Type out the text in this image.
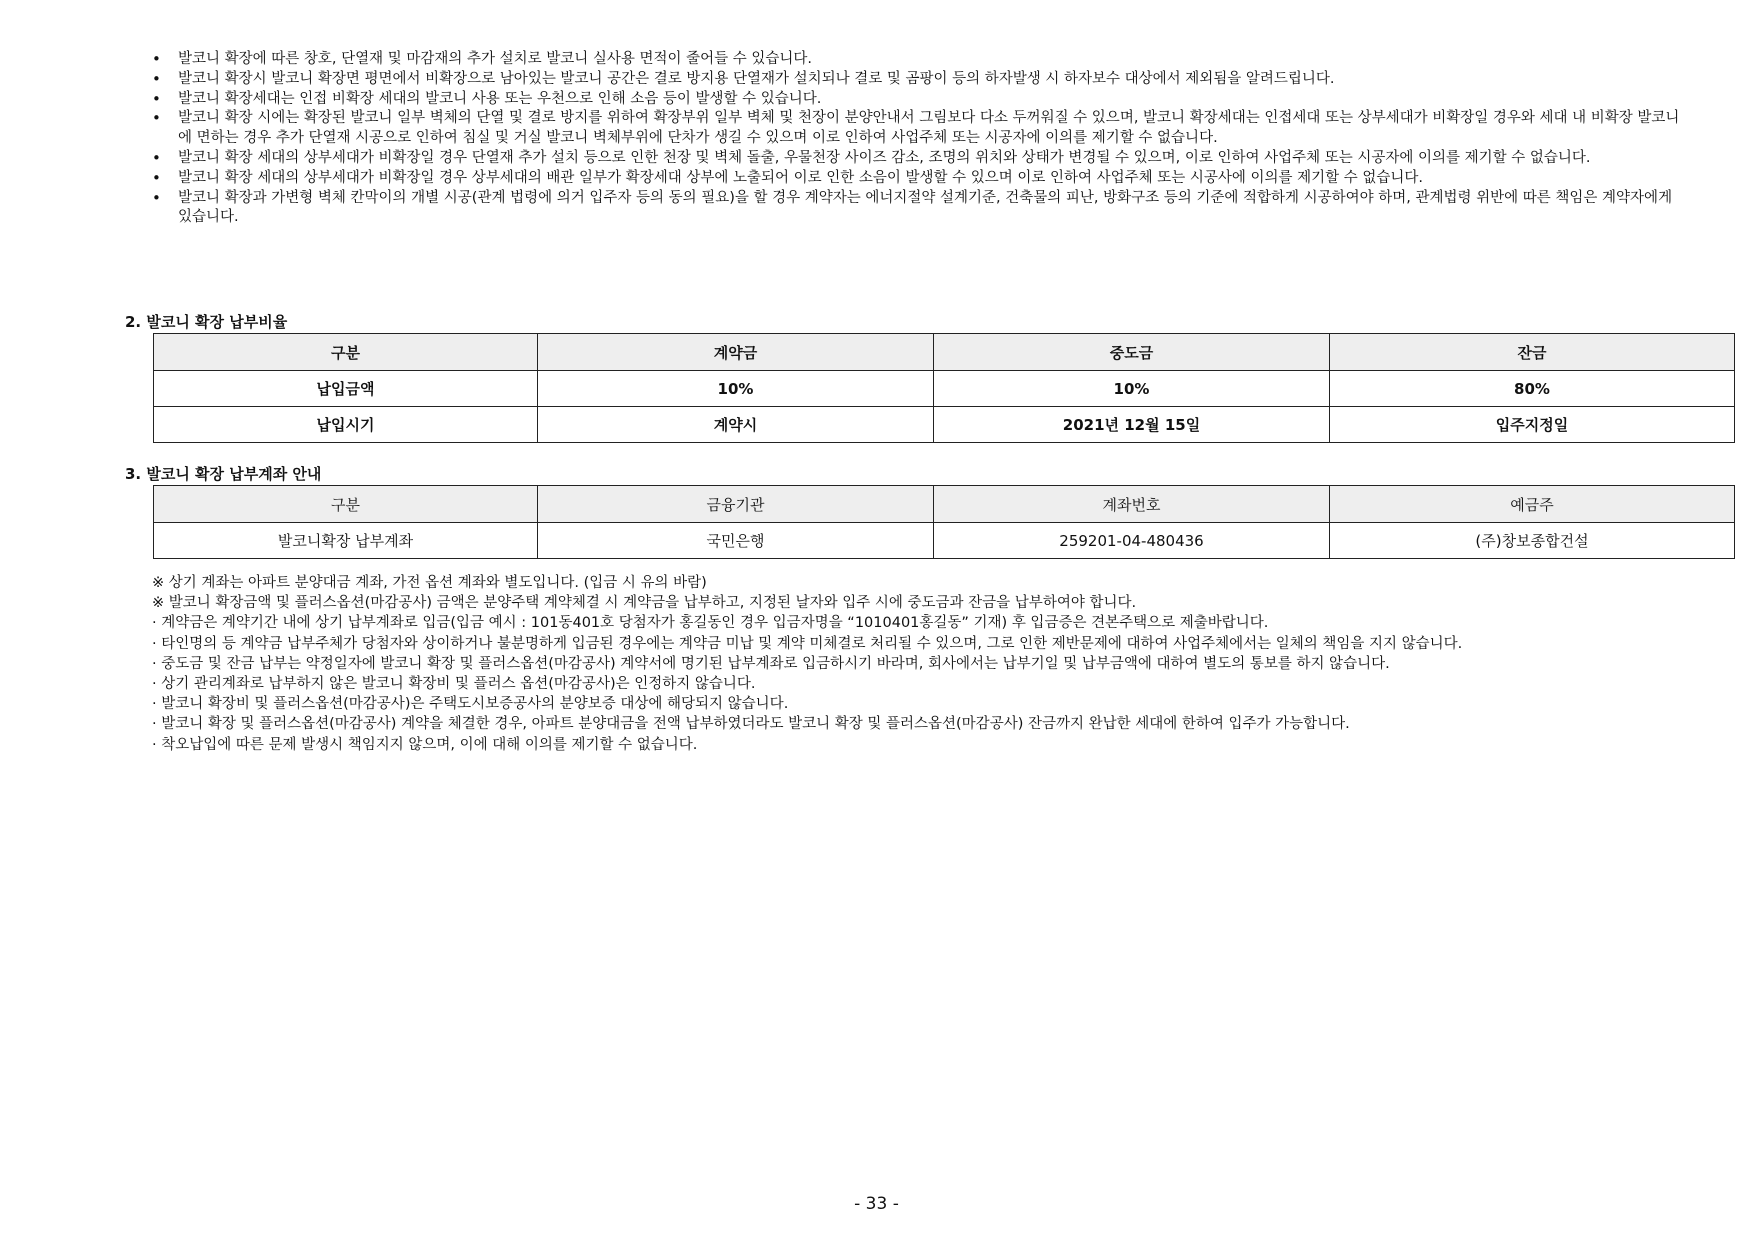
• 발코니 확장에 따른 창호, 단열재 및 마감재의 추가 설치로 발코니 실사용 면적이 줄어들 수 있습니다.
• 발코니 확장시 발코니 확장면 평면에서 비확장으로 남아있는 발코니 공간은 결로 방지용 단열재가 설치되나 결로 및 곰팡이 등의 하자발생 시 하자보수 대상에서 제외됨을 알려드립니다.
• 발코니 확장세대는 인접 비확장 세대의 발코니 사용 또는 우천으로 인해 소음 등이 발생할 수 있습니다.
• 발코니 확장 시에는 확장된 발코니 일부 벽체의 단열 및 결로 방지를 위하여 확장부위 일부 벽체 및 천장이 분양안내서 그림보다 다소 두꺼워질 수 있으며, 발코니 확장세대는 인접세대 또는 상부세대가 비확장일 경우와 세대 내 비확장 발코니에 면하는 경우 추가 단열재 시공으로 인하여 침실 및 거실 발코니 벽체부위에 단차가 생길 수 있으며 이로 인하여 사업주체 또는 시공자에 이의를 제기할 수 없습니다.
• 발코니 확장 세대의 상부세대가 비확장일 경우 단열재 추가 설치 등으로 인한 천장 및 벽체 돌출, 우물천장 사이즈 감소, 조명의 위치와 상태가 변경될 수 있으며, 이로 인하여 사업주체 또는 시공자에 이의를 제기할 수 없습니다.
• 발코니 확장 세대의 상부세대가 비확장일 경우 상부세대의 배관 일부가 확장세대 상부에 노출되어 이로 인한 소음이 발생할 수 있으며 이로 인하여 사업주체 또는 시공사에 이의를 제기할 수 없습니다.
• 발코니 확장과 가변형 벽체 칸막이의 개별 시공(관계 법령에 의거 입주자 등의 동의 필요)을 할 경우 계약자는 에너지절약 설계기준, 건축물의 피난, 방화구조 등의 기준에 적합하게 시공하여야 하며, 관계법령 위반에 따른 책임은 계약자에게 있습니다.
2. 발코니 확장 납부비율
구분	계약금	중도금	잔금
납입금액	10%	10%	80%
납입시기	계약시	2021년 12월 15일	입주지정일
3. 발코니 확장 납부계좌 안내
구분	금융기관	계좌번호	예금주
발코니확장 납부계좌	국민은행	259201-04-480436	(주)창보종합건설
※ 상기 계좌는 아파트 분양대금 계좌, 가전 옵션 계좌와 별도입니다. (입금 시 유의 바람)
※ 발코니 확장금액 및 플러스옵션(마감공사) 금액은 분양주택 계약체결 시 계약금을 납부하고, 지정된 날자와 입주 시에 중도금과 잔금을 납부하여야 합니다.
· 계약금은 계약기간 내에 상기 납부계좌로 입금(입금 예시 : 101동401호 당첨자가 홍길동인 경우 입금자명을 “1010401홍길동” 기재) 후 입금증은 견본주택으로 제출바랍니다.
· 타인명의 등 계약금 납부주체가 당첨자와 상이하거나 불분명하게 입금된 경우에는 계약금 미납 및 계약 미체결로 처리될 수 있으며, 그로 인한 제반문제에 대하여 사업주체에서는 일체의 책임을 지지 않습니다.
· 중도금 및 잔금 납부는 약정일자에 발코니 확장 및 플러스옵션(마감공사) 계약서에 명기된 납부계좌로 입금하시기 바라며, 회사에서는 납부기일 및 납부금액에 대하여 별도의 통보를 하지 않습니다.
· 상기 관리계좌로 납부하지 않은 발코니 확장비 및 플러스 옵션(마감공사)은 인정하지 않습니다.
· 발코니 확장비 및 플러스옵션(마감공사)은 주택도시보증공사의 분양보증 대상에 해당되지 않습니다.
· 발코니 확장 및 플러스옵션(마감공사) 계약을 체결한 경우, 아파트 분양대금을 전액 납부하였더라도 발코니 확장 및 플러스옵션(마감공사) 잔금까지 완납한 세대에 한하여 입주가 가능합니다.
· 착오납입에 따른 문제 발생시 책임지지 않으며, 이에 대해 이의를 제기할 수 없습니다.
- 33 -
